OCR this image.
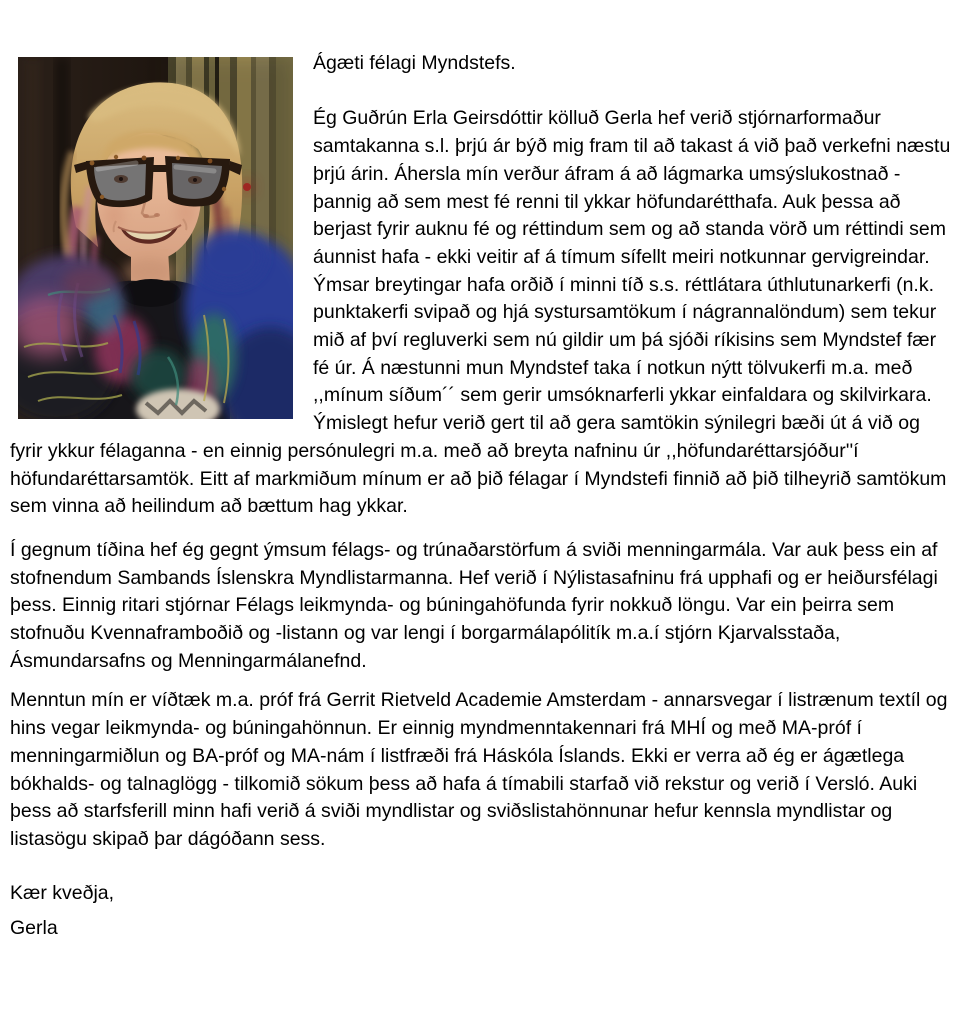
Ágæti félagi Myndstefs.

Ég Guðrún Erla Geirsdóttir kölluð Gerla hef verið stjórnarformaður samtakanna s.l. þrjú ár býð mig fram til að takast á við það verkefni næstu þrjú árin. Áhersla mín verður áfram á að lágmarka umsýslukostnað - þannig að sem mest fé renni til ykkar höfundarétthafa. Auk þessa að berjast fyrir auknu fé og réttindum sem og að standa vörð um réttindi sem áunnist hafa - ekki veitir af á tímum sífellt meiri notkunnar gervigreindar. Ýmsar breytingar hafa orðið í minni tíð s.s. réttlátara úthlutunarkerfi (n.k. punktakerfi svipað og hjá systursamtökum í nágrannalöndum) sem tekur mið af því regluverki sem nú gildir um þá sjóði ríkisins sem Myndstef fær fé úr. Á næstunni mun Myndstef taka í notkun nýtt tölvukerfi m.a. með ,,mínum síðum´´ sem gerir umsóknarferli ykkar einfaldara og skilvirkara.

Ýmislegt hefur verið gert til að gera samtökin sýnilegri bæði út á við og fyrir ykkur félaganna - en einnig persónulegri m.a. með að breyta nafninu úr ,,höfundaréttarsjóður''í höfundaréttarsamtök. Eitt af markmiðum mínum er að þið félagar í Myndstefi finnið að þið tilheyrið samtökum sem vinna að heilindum að bættum hag ykkar.

Í gegnum tíðina hef ég gegnt ýmsum félags- og trúnaðarstörfum á sviði menningarmála. Var auk þess ein af stofnendum Sambands Íslenskra Myndlistarmanna. Hef verið í Nýlistasafninu frá upphafi og er heiðursfélagi þess. Einnig ritari stjórnar Félags leikmynda- og búningahöfunda fyrir nokkuð löngu. Var ein þeirra sem stofnuðu Kvennaframboðið og -listann og var lengi í borgarmálapólitík m.a.í stjórn Kjarvalsstaða, Ásmundarsafns og Menningarmálanefnd.

Menntun mín er víðtæk m.a. próf frá Gerrit Rietveld Academie Amsterdam - annarsvegar í listrænum textíl og hins vegar leikmynda- og búningahönnun. Er einnig myndmenntakennari frá MHÍ og með MA-próf í menningarmiðlun og BA-próf og MA-nám í listfræði frá Háskóla Íslands. Ekki er verra að ég er ágætlega bókhalds- og talnaglögg - tilkomið sökum þess að hafa á tímabili starfað við rekstur og verið í Versló. Auki þess að starfsferill minn hafi verið á sviði myndlistar og sviðslistahönnunar hefur kennsla myndlistar og listasögu skipað þar dágóðann sess.

Kær kveðja,

Gerla
